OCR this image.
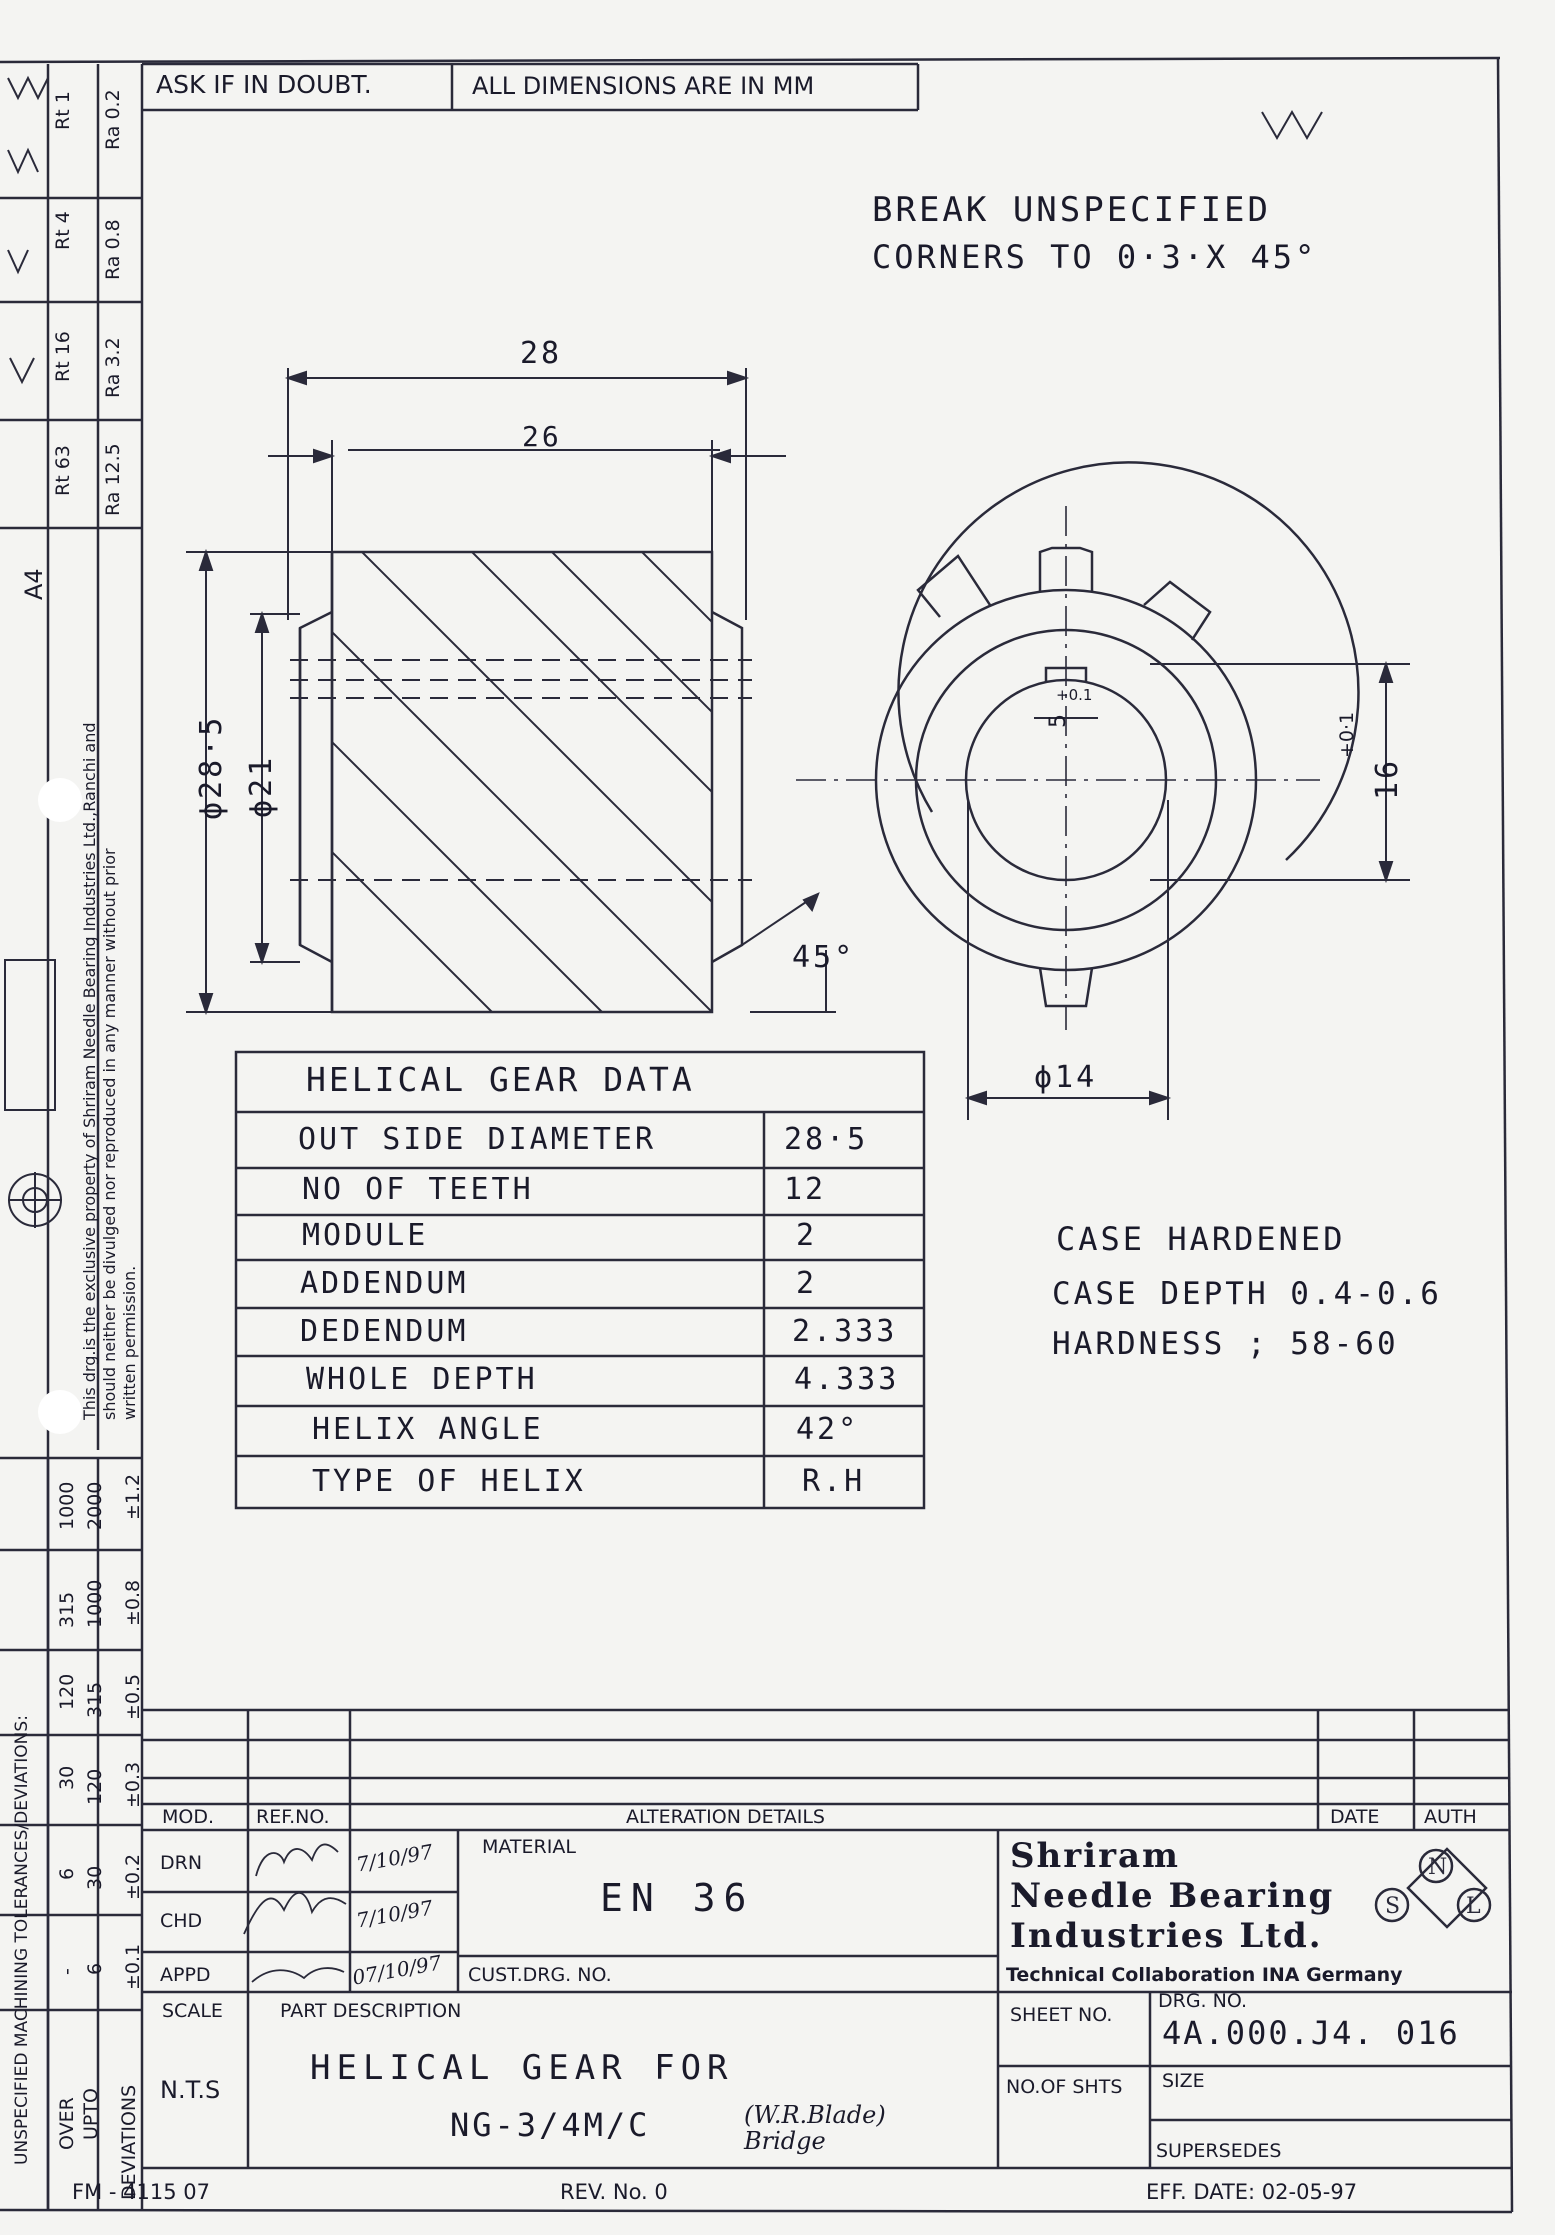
S
N
L
ASK IF IN DOUBT.	ALL DIMENSIONS ARE IN MM
Rt 1 Ra 0.2
Rt 4 Ra 0.8
Rt 16 Ra 3.2
Rt 63 Ra 12.5
A4
This drg.is the exclusive property of Shriram Needle Bearing Industries Ltd.,Ranchi and should neither be divulged nor reproduced in any manner without prior written permission.
UNSPECIFIED MACHINING TOLERANCES/DEVIATIONS: OVER UPTO DEVIATIONS
- 6 ±0.1
6 30 ±0.2
30 120 ±0.3
120 315 ±0.5
315 1000 ±0.8
1000 2000 ±1.2
BREAK UNSPECIFIED
CORNERS TO 0·3·X 45°
CASE HARDENED
CASE DEPTH 0.4-0.6
HARDNESS ; 58-60
28
26
ϕ28·5 ϕ21
45°
ϕ14
16
+0·1
5
+0.1
HELICAL GEAR DATA
OUT SIDE DIAMETER	28·5
NO OF TEETH	12
MODULE	2
ADDENDUM	2
DEDENDUM	2.333
WHOLE DEPTH	4.333
HELIX ANGLE	42°
TYPE OF HELIX	R.H
MOD. REF.NO.	ALTERATION DETAILS	DATE AUTH
DRN
CHD
APPD
7/10/97
7/10/97
07/10/97
MATERIAL
EN 36
CUST.DRG. NO.
Shriram
Needle Bearing
Industries Ltd.
Technical Collaboration INA Germany
SCALE
N.T.S
PART DESCRIPTION
HELICAL GEAR FOR
NG-3/4M/C	(W.R.Blade) Bridge
SHEET NO.
NO.OF SHTS
DRG. NO.
4A.000.J4. 016
SIZE
SUPERSEDES
FM - 4115 07	REV. No. 0	EFF. DATE: 02-05-97
